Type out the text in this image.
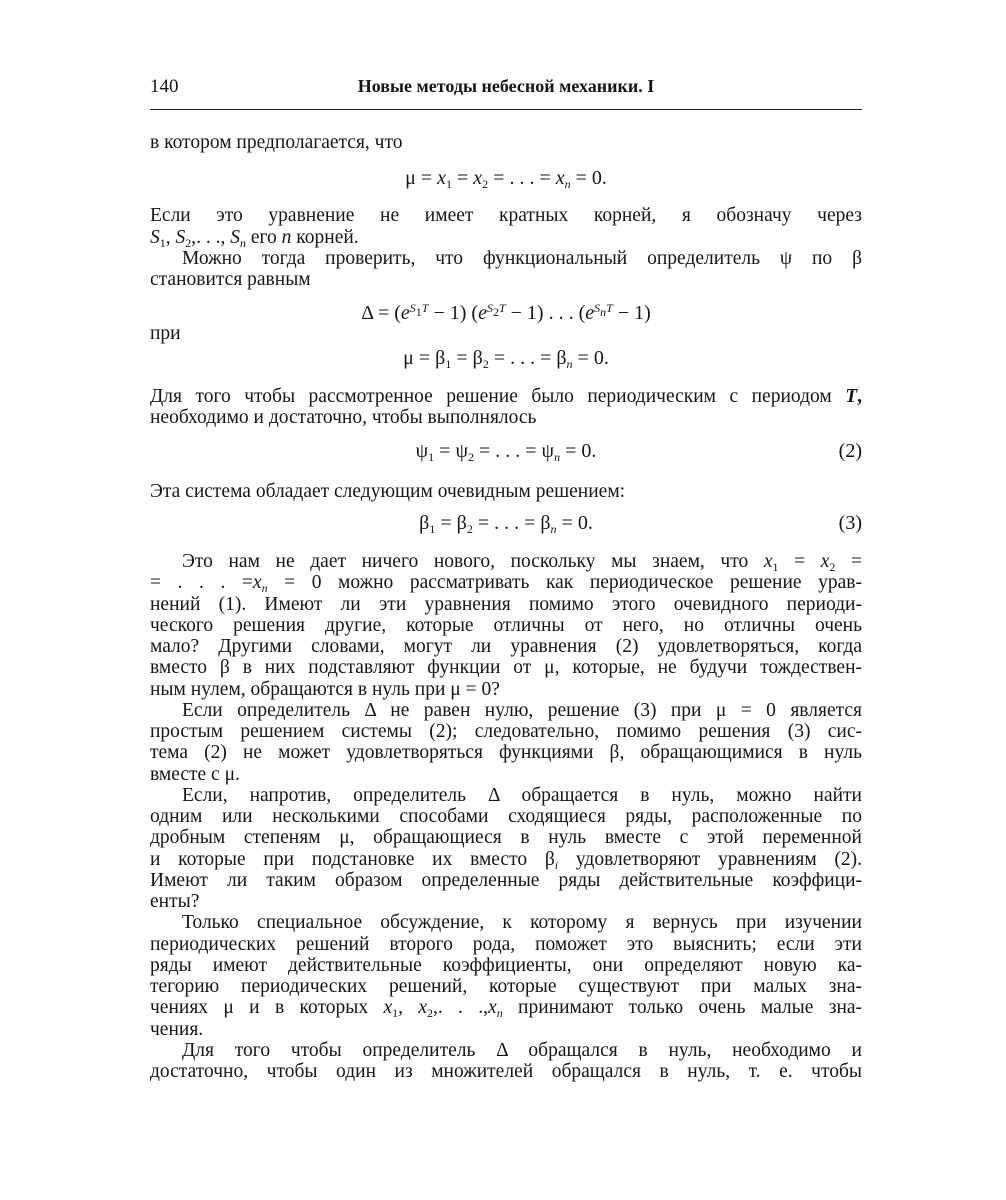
140	Новые методы небесной механики. I
в котором предполагается, что
$\mu = x_1 = x_2$ = . . . = $x_n = 0$.
Если это уравнение не имеет кратных корней, я обозначу через
$S_1$, $S_2$,. . ., $S_n$ его n корней.
Можно тогда проверить, что функциональный определитель ψ по β
становится равным
$\Delta = (e^{S_1T} - 1) (e^{S_2T} - 1)$ . . . $(e^{S_nT} - 1)$
при
$\mu = \beta_1 = \beta_2$ = . . . = $\beta_n = 0$.
Для того чтобы рассмотренное решение было периодическим с периодом T,
необходимо и достаточно, чтобы выполнялось
$\psi_1 = \psi_2$ = . . . = $\psi_n = 0$.	(2)
Эта система обладает следующим очевидным решением:
$\beta_1 = \beta_2$ = . . . = $\beta_n = 0$.	(3)
Это нам не дает ничего нового, поскольку мы знаем, что $x_1 = x_2$ =
= . . . $=x_n = 0$ можно рассматривать как периодическое решение урав-
нений (1). Имеют ли эти уравнения помимо этого очевидного периоди-
ческого решения другие, которые отличны от него, но отличны очень
мало? Другими словами, могут ли уравнения (2) удовлетворяться, когда
вместо β в них подставляют функции от μ, которые, не будучи тождествен-
ным нулем, обращаются в нуль при μ = 0?
Если определитель Δ не равен нулю, решение (3) при μ = 0 является
простым решением системы (2); следовательно, помимо решения (3) сис-
тема (2) не может удовлетворяться функциями β, обращающимися в нуль
вместе с μ.
Если, напротив, определитель Δ обращается в нуль, можно найти
одним или несколькими способами сходящиеся ряды, расположенные по
дробным степеням μ, обращающиеся в нуль вместе с этой переменной
и которые при подстановке их вместо $\beta_i$ удовлетворяют уравнениям (2).
Имеют ли таким образом определенные ряды действительные коэффици-
енты?
Только специальное обсуждение, к которому я вернусь при изучении
периодических решений второго рода, поможет это выяснить; если эти
ряды имеют действительные коэффициенты, они определяют новую ка-
тегорию периодических решений, которые существуют при малых зна-
чениях μ и в которых $x_1$, $x_2$,. . $.,x_n$ принимают только очень малые зна-
чения.
Для того чтобы определитель Δ обращался в нуль, необходимо и
достаточно, чтобы один из множителей обращался в нуль, т. е. чтобы
